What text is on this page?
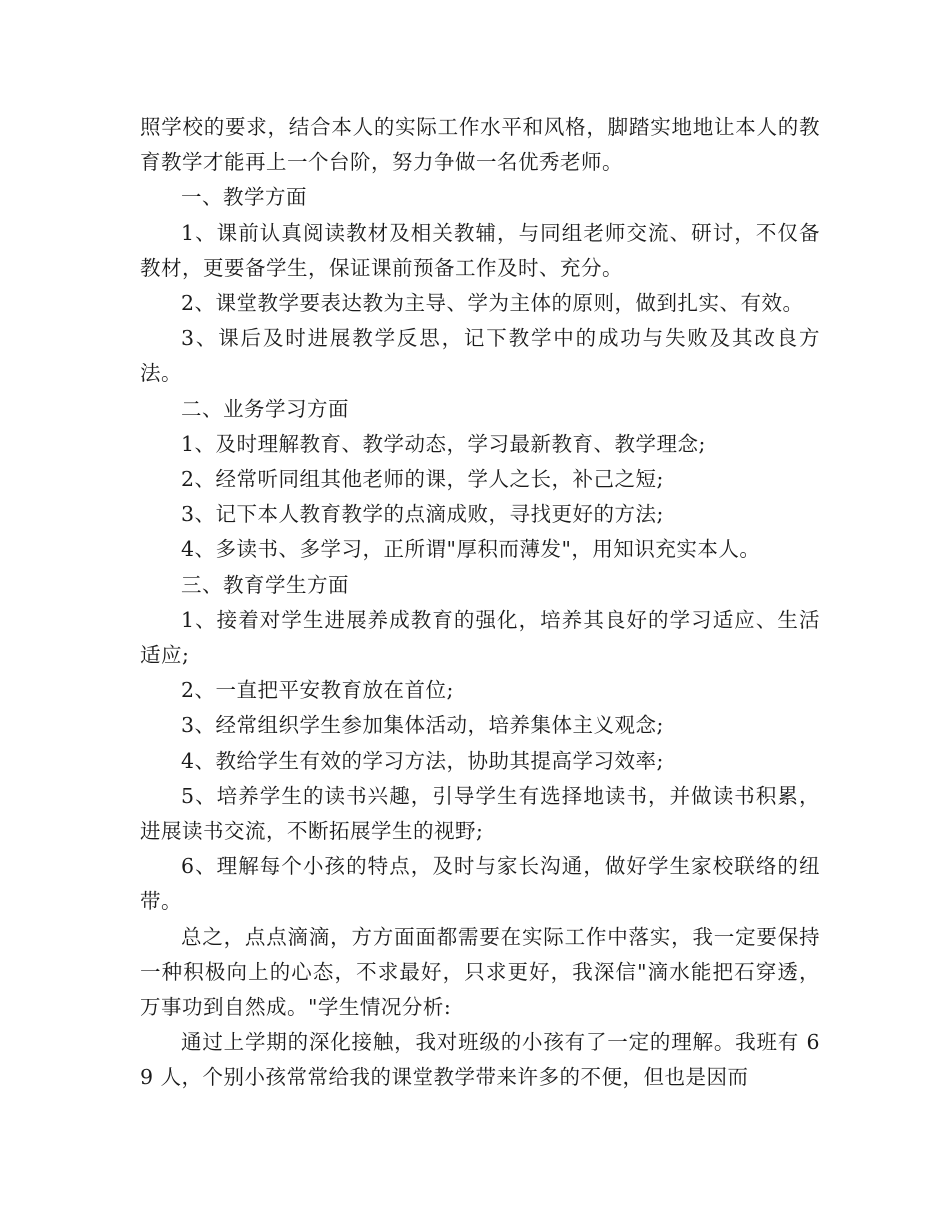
照学校的要求，结合本人的实际工作水平和风格，脚踏实地地让本人的教育教学才能再上一个台阶，努力争做一名优秀老师。

一、教学方面

1、课前认真阅读教材及相关教辅，与同组老师交流、研讨，不仅备教材，更要备学生，保证课前预备工作及时、充分。

2、课堂教学要表达教为主导、学为主体的原则，做到扎实、有效。

3、课后及时进展教学反思，记下教学中的成功与失败及其改良方法。

二、业务学习方面

1、及时理解教育、教学动态，学习最新教育、教学理念;

2、经常听同组其他老师的课，学人之长，补己之短;

3、记下本人教育教学的点滴成败，寻找更好的方法;

4、多读书、多学习，正所谓"厚积而薄发"，用知识充实本人。

三、教育学生方面

1、接着对学生进展养成教育的强化，培养其良好的学习适应、生活适应;

2、一直把平安教育放在首位;

3、经常组织学生参加集体活动，培养集体主义观念;

4、教给学生有效的学习方法，协助其提高学习效率;

5、培养学生的读书兴趣，引导学生有选择地读书，并做读书积累，进展读书交流，不断拓展学生的视野;

6、理解每个小孩的特点，及时与家长沟通，做好学生家校联络的纽带。

总之，点点滴滴，方方面面都需要在实际工作中落实，我一定要保持一种积极向上的心态，不求最好，只求更好，我深信"滴水能把石穿透，万事功到自然成。"学生情况分析:

通过上学期的深化接触，我对班级的小孩有了一定的理解。我班有 69 人，个别小孩常常给我的课堂教学带来许多的不便，但也是因而
